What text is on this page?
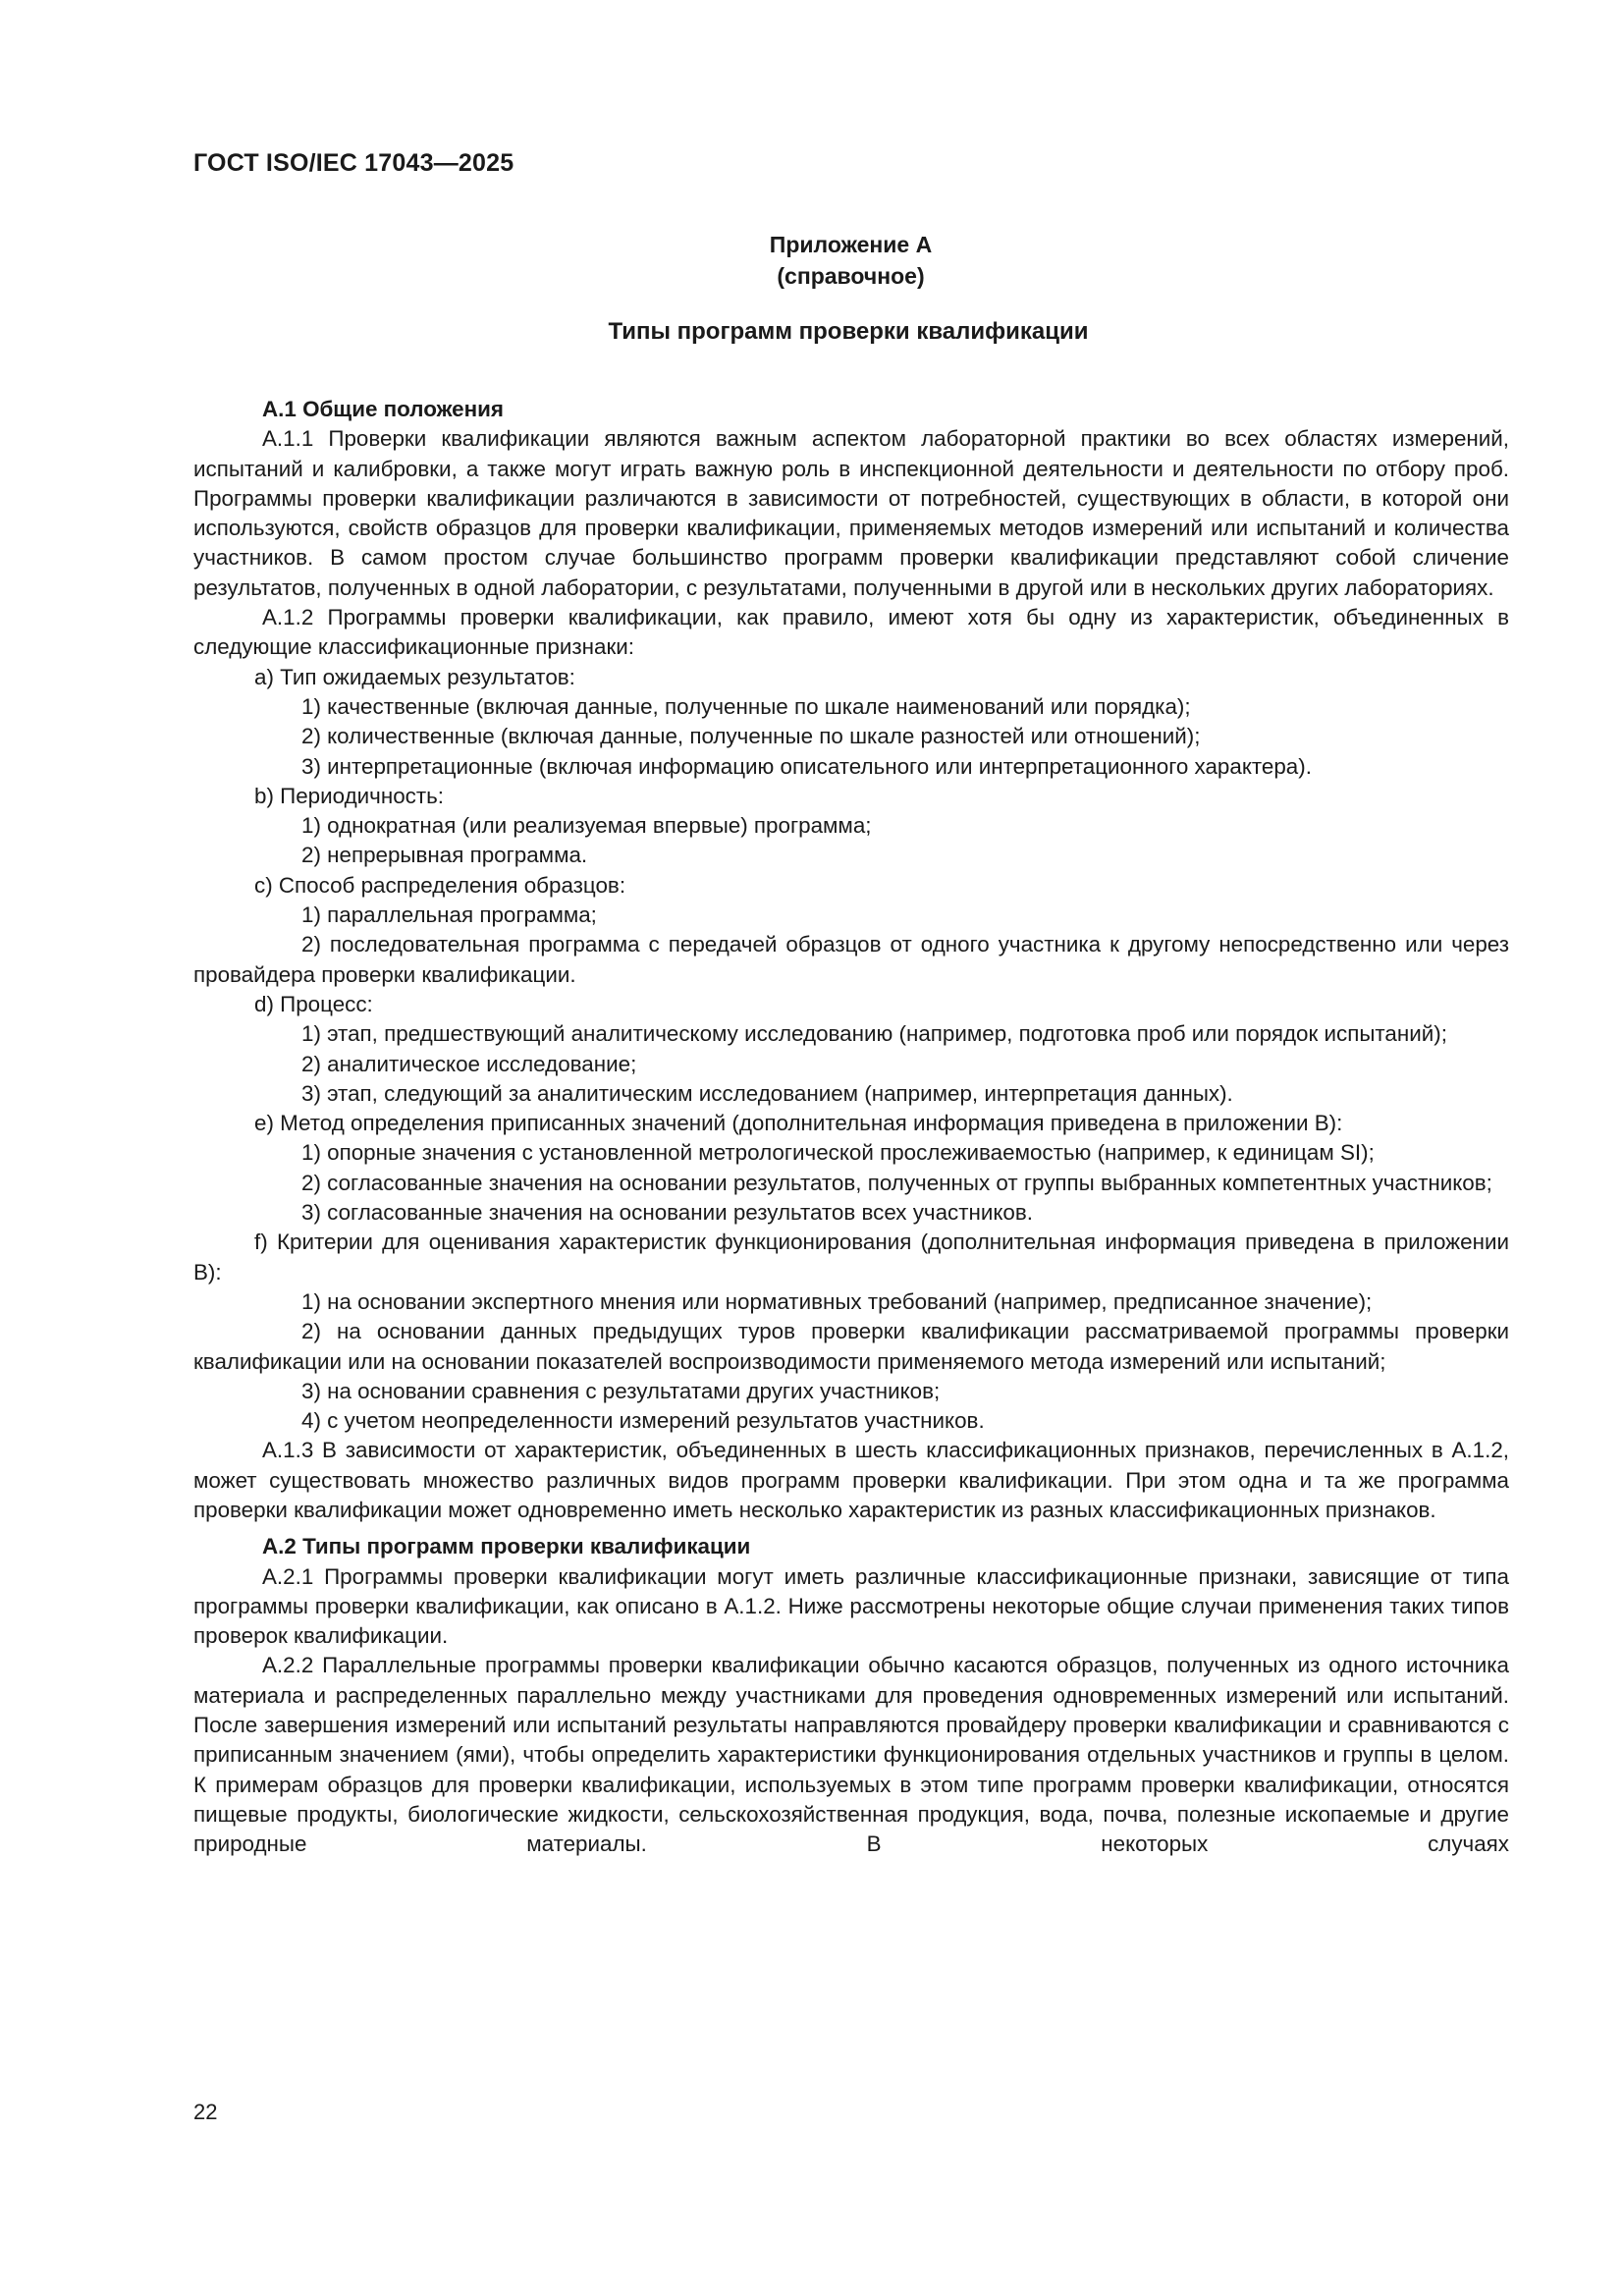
ГОСТ ISO/IEC 17043—2025
Приложение А
(справочное)
Типы программ проверки квалификации
А.1 Общие положения

А.1.1 Проверки квалификации являются важным аспектом лабораторной практики во всех областях измерений, испытаний и калибровки, а также могут играть важную роль в инспекционной деятельности и деятельности по отбору проб. Программы проверки квалификации различаются в зависимости от потребностей, существующих в области, в которой они используются, свойств образцов для проверки квалификации, применяемых методов измерений или испытаний и количества участников. В самом простом случае большинство программ проверки квалификации представляют собой сличение результатов, полученных в одной лаборатории, с результатами, полученными в другой или в нескольких других лабораториях.

А.1.2 Программы проверки квалификации, как правило, имеют хотя бы одну из характеристик, объединенных в следующие классификационные признаки:

a) Тип ожидаемых результатов:

1) качественные (включая данные, полученные по шкале наименований или порядка);

2) количественные (включая данные, полученные по шкале разностей или отношений);

3) интерпретационные (включая информацию описательного или интерпретационного характера).

b) Периодичность:

1) однократная (или реализуемая впервые) программа;

2) непрерывная программа.

c) Способ распределения образцов:

1) параллельная программа;

2) последовательная программа с передачей образцов от одного участника к другому непосредственно или через провайдера проверки квалификации.

d) Процесс:

1) этап, предшествующий аналитическому исследованию (например, подготовка проб или порядок испытаний);

2) аналитическое исследование;

3) этап, следующий за аналитическим исследованием (например, интерпретация данных).

e) Метод определения приписанных значений (дополнительная информация приведена в приложении В):

1) опорные значения с установленной метрологической прослеживаемостью (например, к единицам SI);

2) согласованные значения на основании результатов, полученных от группы выбранных компетентных участников;

3) согласованные значения на основании результатов всех участников.

f) Критерии для оценивания характеристик функционирования (дополнительная информация приведена в приложении В):

1) на основании экспертного мнения или нормативных требований (например, предписанное значение);

2) на основании данных предыдущих туров проверки квалификации рассматриваемой программы проверки квалификации или на основании показателей воспроизводимости применяемого метода измерений или испытаний;

3) на основании сравнения с результатами других участников;

4) с учетом неопределенности измерений результатов участников.

А.1.3 В зависимости от характеристик, объединенных в шесть классификационных признаков, перечисленных в А.1.2, может существовать множество различных видов программ проверки квалификации. При этом одна и та же программа проверки квалификации может одновременно иметь несколько характеристик из разных классификационных признаков.

А.2 Типы программ проверки квалификации

А.2.1 Программы проверки квалификации могут иметь различные классификационные признаки, зависящие от типа программы проверки квалификации, как описано в А.1.2. Ниже рассмотрены некоторые общие случаи применения таких типов проверок квалификации.

А.2.2 Параллельные программы проверки квалификации обычно касаются образцов, полученных из одного источника материала и распределенных параллельно между участниками для проведения одновременных измерений или испытаний. После завершения измерений или испытаний результаты направляются провайдеру проверки квалификации и сравниваются с приписанным значением (ями), чтобы определить характеристики функционирования отдельных участников и группы в целом. К примерам образцов для проверки квалификации, используемых в этом типе программ проверки квалификации, относятся пищевые продукты, биологические жидкости, сельскохозяйственная продукция, вода, почва, полезные ископаемые и другие природные материалы. В некоторых случаях

22
